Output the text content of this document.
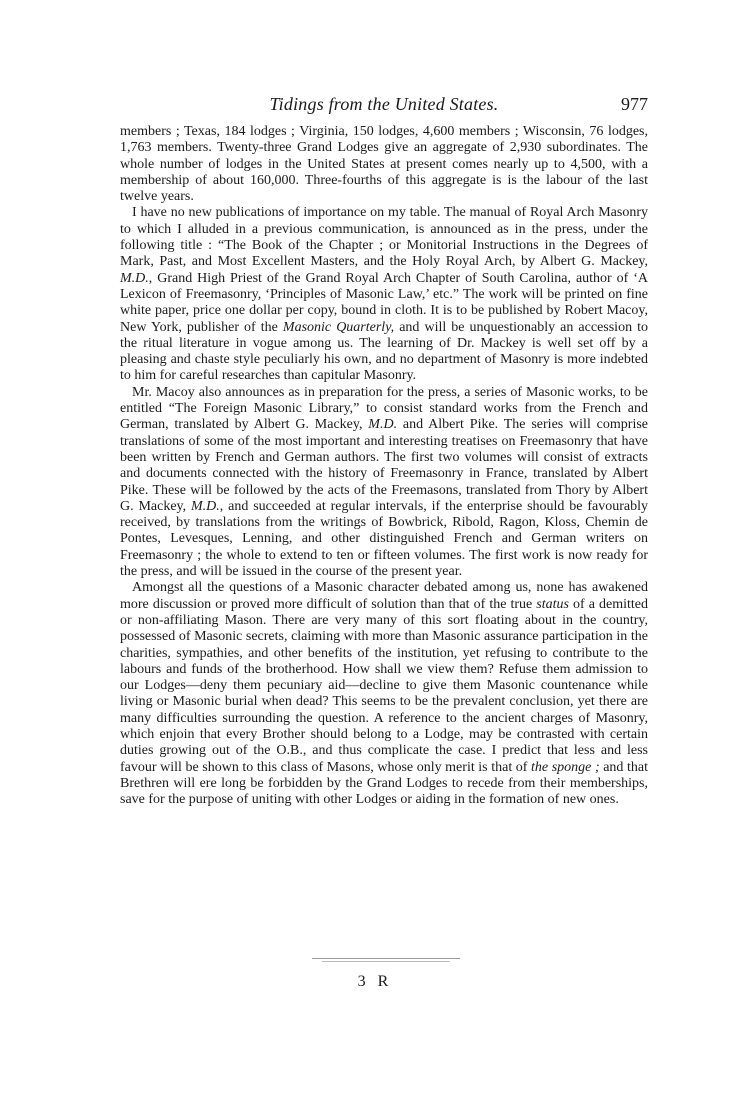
Tidings from the United States.	977

members ; Texas, 184 lodges ; Virginia, 150 lodges, 4,600 members ; Wisconsin, 76 lodges, 1,763 members. Twenty-three Grand Lodges give an aggregate of 2,930 subordinates. The whole number of lodges in the United States at present comes nearly up to 4,500, with a membership of about 160,000. Three-fourths of this aggregate is is the labour of the last twelve years.

I have no new publications of importance on my table. The manual of Royal Arch Masonry to which I alluded in a previous communication, is announced as in the press, under the following title : “The Book of the Chapter ; or Monitorial Instructions in the Degrees of Mark, Past, and Most Excellent Masters, and the Holy Royal Arch, by Albert G. Mackey, M.D., Grand High Priest of the Grand Royal Arch Chapter of South Carolina, author of ‘A Lexicon of Freemasonry, ‘Principles of Masonic Law,’ etc.” The work will be printed on fine white paper, price one dollar per copy, bound in cloth. It is to be published by Robert Macoy, New York, publisher of the Masonic Quarterly, and will be unquestionably an accession to the ritual literature in vogue among us. The learning of Dr. Mackey is well set off by a pleasing and chaste style peculiarly his own, and no department of Masonry is more indebted to him for careful researches than capitular Masonry.

Mr. Macoy also announces as in preparation for the press, a series of Masonic works, to be entitled “The Foreign Masonic Library,” to consist standard works from the French and German, translated by Albert G. Mackey, M.D. and Albert Pike. The series will comprise translations of some of the most important and interesting treatises on Freemasonry that have been written by French and German authors. The first two volumes will consist of extracts and documents connected with the history of Freemasonry in France, translated by Albert Pike. These will be followed by the acts of the Freemasons, translated from Thory by Albert G. Mackey, M.D., and succeeded at regular intervals, if the enterprise should be favourably received, by translations from the writings of Bowbrick, Ribold, Ragon, Kloss, Chemin de Pontes, Levesques, Lenning, and other distinguished French and German writers on Freemasonry ; the whole to extend to ten or fifteen volumes. The first work is now ready for the press, and will be issued in the course of the present year.

Amongst all the questions of a Masonic character debated among us, none has awakened more discussion or proved more difficult of solution than that of the true status of a demitted or non-affiliating Mason. There are very many of this sort floating about in the country, possessed of Masonic secrets, claiming with more than Masonic assurance participation in the charities, sympathies, and other benefits of the institution, yet refusing to contribute to the labours and funds of the brotherhood. How shall we view them? Refuse them admission to our Lodges—deny them pecuniary aid—decline to give them Masonic countenance while living or Masonic burial when dead? This seems to be the prevalent conclusion, yet there are many difficulties surrounding the question. A reference to the ancient charges of Masonry, which enjoin that every Brother should belong to a Lodge, may be contrasted with certain duties growing out of the O.B., and thus complicate the case. I predict that less and less favour will be shown to this class of Masons, whose only merit is that of the sponge ; and that Brethren will ere long be forbidden by the Grand Lodges to recede from their memberships, save for the purpose of uniting with other Lodges or aiding in the formation of new ones.

3 R
